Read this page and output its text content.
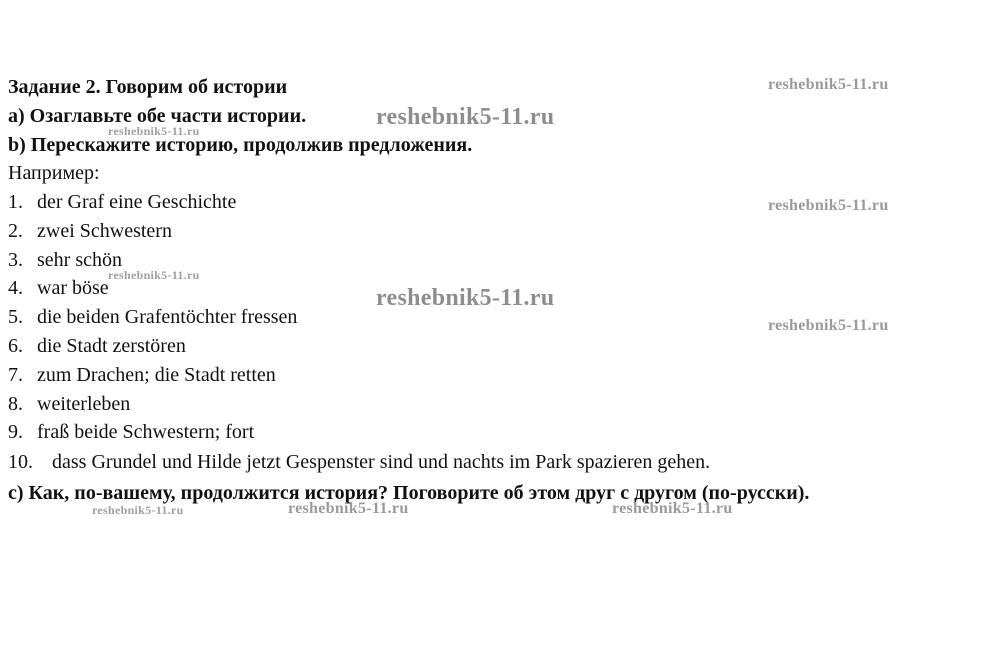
Задание 2. Говорим об истории
а) Озаглавьте обе части истории.
b) Перескажите историю, продолжив предложения.
Например:
1. der Graf eine Geschichte
2. zwei Schwestern
3. sehr schön
4. war böse
5. die beiden Grafentöchter fressen
6. die Stadt zerstören
7. zum Drachen; die Stadt retten
8. weiterleben
9. fraß beide Schwestern; fort
10. dass Grundel und Hilde jetzt Gespenster sind und nachts im Park spazieren gehen.
с) Как, по-вашему, продолжится история? Поговорите об этом друг с другом (по-русски).
reshebnik5-11.ru
reshebnik5-11.ru
reshebnik5-11.ru
reshebnik5-11.ru
reshebnik5-11.ru
reshebnik5-11.ru
reshebnik5-11.ru
reshebnik5-11.ru	reshebnik5-11.ru	reshebnik5-11.ru
